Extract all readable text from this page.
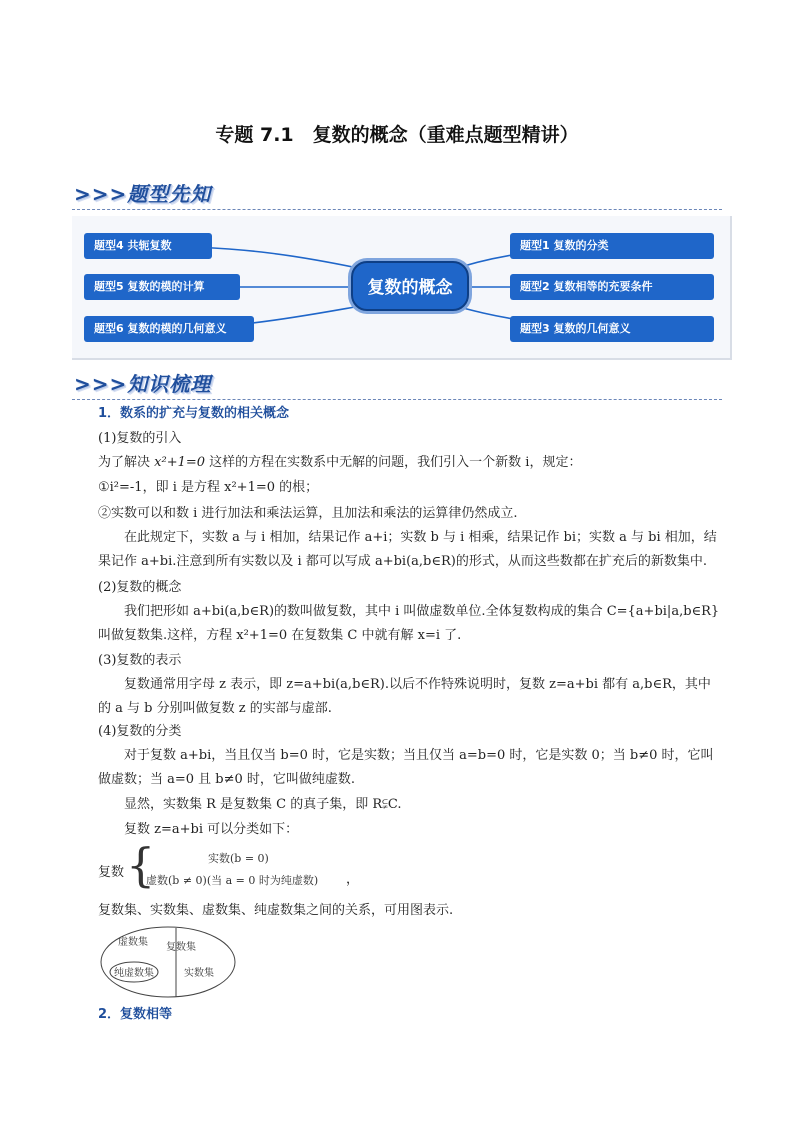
专题 7.1　复数的概念（重难点题型精讲）
>>>题型先知
题型4 共轭复数
题型5 复数的模的计算
题型6 复数的模的几何意义
复数的概念
题型1 复数的分类
题型2 复数相等的充要条件
题型3 复数的几何意义
>>>知识梳理
1．数系的扩充与复数的相关概念
(1)复数的引入
为了解决 x²+1=0 这样的方程在实数系中无解的问题，我们引入一个新数 i，规定：
①i²=-1，即 i 是方程 x²+1=0 的根；
②实数可以和数 i 进行加法和乘法运算，且加法和乘法的运算律仍然成立.
在此规定下，实数 a 与 i 相加，结果记作 a+i；实数 b 与 i 相乘，结果记作 bi；实数 a 与 bi 相加，结果记作 a+bi.注意到所有实数以及 i 都可以写成 a+bi(a,b∈R)的形式，从而这些数都在扩充后的新数集中.
(2)复数的概念
我们把形如 a+bi(a,b∈R)的数叫做复数，其中 i 叫做虚数单位.全体复数构成的集合 C={a+bi|a,b∈R}叫做复数集.这样，方程 x²+1=0 在复数集 C 中就有解 x=i 了.
(3)复数的表示
复数通常用字母 z 表示，即 z=a+bi(a,b∈R).以后不作特殊说明时，复数 z=a+bi 都有 a,b∈R，其中的 a 与 b 分别叫做复数 z 的实部与虚部.
(4)复数的分类
对于复数 a+bi，当且仅当 b=0 时，它是实数；当且仅当 a=b=0 时，它是实数 0；当 b≠0 时，它叫做虚数；当 a=0 且 b≠0 时，它叫做纯虚数.
显然，实数集 R 是复数集 C 的真子集，即 R⫋C.
复数 z=a+bi 可以分类如下：
复数 {	实数(b = 0)
虚数(b ≠ 0)(当 a = 0 时为纯虚数) ，
复数集、实数集、虚数集、纯虚数集之间的关系，可用图表示.
虚数集 复数集
纯虚数集	实数集
2．复数相等
